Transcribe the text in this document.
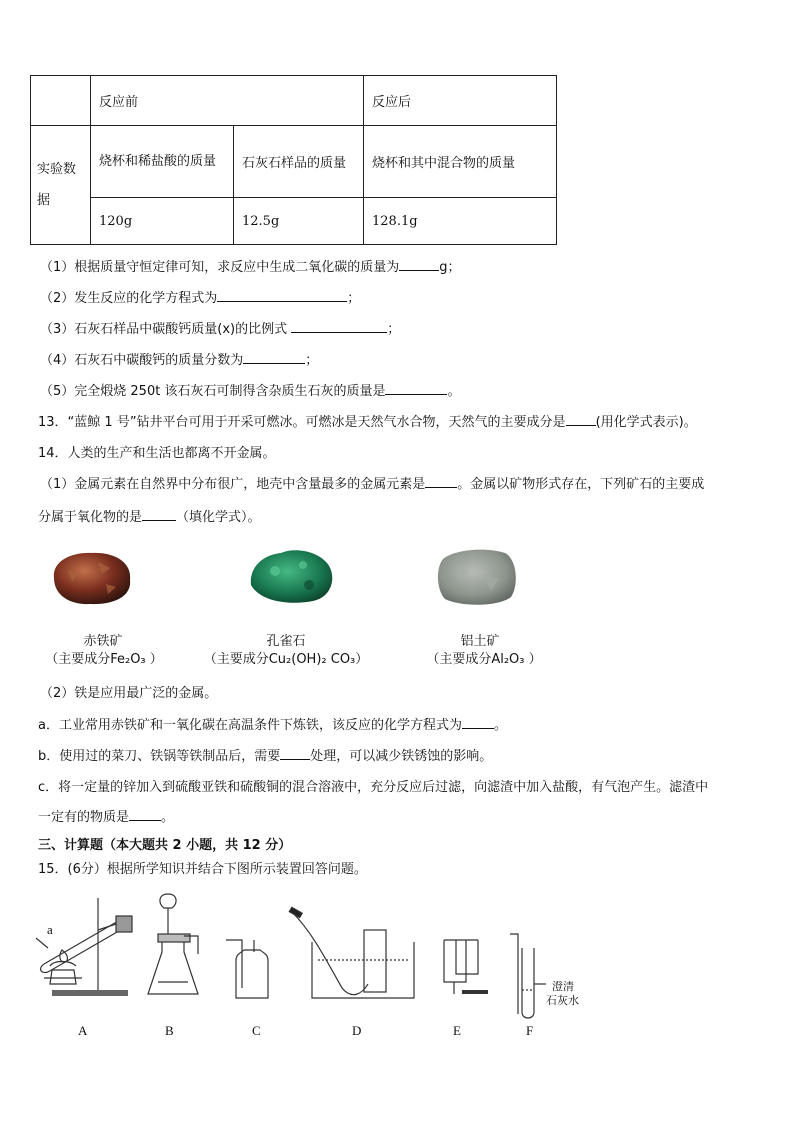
	反应前		反应后
实验数据	烧杯和稀盐酸的质量	石灰石样品的质量	烧杯和其中混合物的质量
	120g	12.5g	128.1g
（1）根据质量守恒定律可知，求反应中生成二氧化碳的质量为	g；
（2）发生反应的化学方程式为	；
（3）石灰石样品中碳酸钙质量(x)的比例式	；
（4）石灰石中碳酸钙的质量分数为	；
（5）完全煅烧 250t 该石灰石可制得含杂质生石灰的质量是	。
13．“蓝鲸 1 号”钻井平台可用于开采可燃冰。可燃冰是天然气水合物，天然气的主要成分是 (用化学式表示)。
14．人类的生产和生活也都离不开金属。
（1）金属元素在自然界中分布很广，地壳中含量最多的金属元素是 。金属以矿物形式存在，下列矿石的主要成
分属于氧化物的是	（填化学式）。
赤铁矿
（主要成分Fe₂O₃ ）
孔雀石
（主要成分Cu₂(OH)₂ CO₃）
铝土矿
（主要成分Al₂O₃ ）
（2）铁是应用最广泛的金属。
a．工业常用赤铁矿和一氧化碳在高温条件下炼铁，该反应的化学方程式为 。
b．使用过的菜刀、铁锅等铁制品后，需要 处理，可以减少铁锈蚀的影响。
c．将一定量的锌加入到硫酸亚铁和硫酸铜的混合溶液中，充分反应后过滤，向滤渣中加入盐酸，有气泡产生。滤渣中
一定有的物质是 。
三、计算题（本大题共 2 小题，共 12 分）
15．(6分）根据所学知识并结合下图所示装置回答问题。
a
A	B	C	D	E	F
澄清
石灰水
